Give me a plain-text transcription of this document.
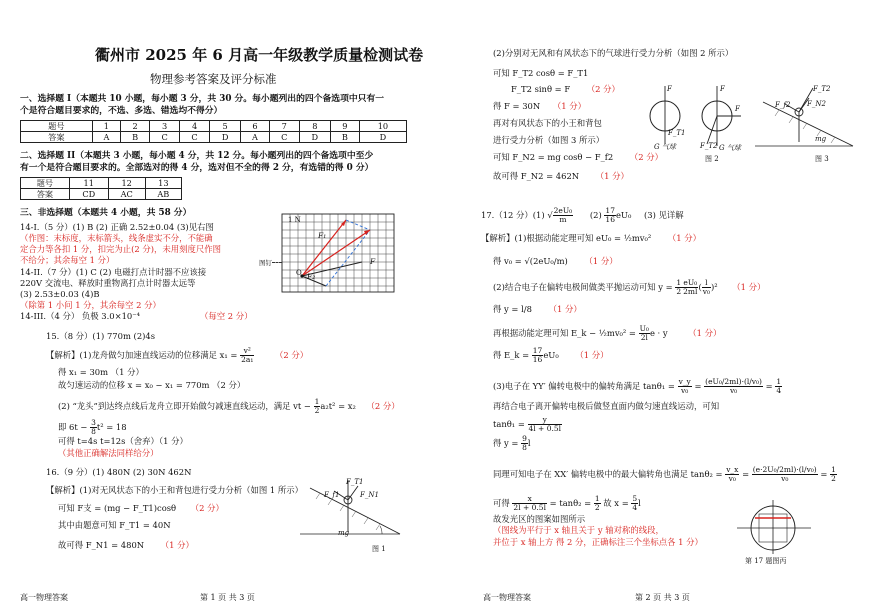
衢州市 2025 年 6 月高一年级教学质量检测试卷
物理参考答案及评分标准
一、选择题 I（本题共 10 小题，每小题 3 分，共 30 分。每小题列出的四个备选项中只有一
个是符合题目要求的，不选、多选、错选均不得分）
题号	1	2	3	4	5	6	7	8	9	10
答案	A	B	C	C	D	A	C	D	B	D
二、选择题 II（本题共 3 小题，每小题 4 分，共 12 分。每小题列出的四个备选项中至少
有一个是符合题目要求的。全部选对的得 4 分，选对但不全的得 2 分，有选错的得 0 分）
题号	11	12	13
答案	CD	AC	AB
三、非选择题（本题共 4 小题，共 58 分）
14-I.（5 分）(1) B (2) 正确 2.52±0.04 (3)见右图
（作图：末标度，末标箭头，线条虚实不分，不能确
定合力等各扣 1 分，扣完为止(2 分)，未用刻度尺作图
不给分；其余每空 1 分）
14-II.（7 分）(1) C (2) 电磁打点计时器不应该接
220V 交流电、释放时重物离打点计时器太远等
(3) 2.53±0.03 (4)B
（除第 1 小问 1 分，其余每空 2 分）
14-III.（4 分） 负极 3.0×10⁻⁴	（每空 2 分）
1 N
F₁
F₂
F
O
图钉
15.（8 分）(1) 770m (2)4s
【解析】(1)龙舟做匀加速直线运动的位移满足 $x_1 = \frac{\text{v²}}{\text{2a₁}} (2$ 分）
得 x₁ = 30m （1 分）
故匀速运动的位移 x = x₀ − x₁ = 770m （2 分）
(2) “龙头”到达终点线后龙舟立即开始做匀减速直线运动，满足 vt − $\frac{1}{2} a_2t^2 = x_2$ （2 分）
即 $6t - \frac{3}{8} t^2 = 18$
可得 t=4s t=12s（舍弃）（1 分）
（其他正确解法同样给分）
16.（9 分）(1) 480N (2) 30N 462N
【解析】(1)对无风状态下的小王和背包进行受力分析（如图 1 所示）
可知 F支 = (mg − F_T1)cosθ （2 分）
其中由题意可知 F_T1 = 40N
故可得 F_N1 = 480N （1 分）
F_T1
F_f1	F_N1
mg
图 1
高一物理答案	第 1 页 共 3 页
(2)分别对无风和有风状态下的气球进行受力分析（如图 2 所示）
可知 F_T2 cosθ = F_T1
F_T2 sinθ = F （2 分）
得 F = 30N （1 分）
再对有风状态下的小王和背包
进行受力分析（如图 3 所示）
可知 F_N2 = mg cosθ − F_f2 （2 分）
故可得 F_N2 = 462N （1 分）
F
F_T1
G 气球
F
F
F_T2 G 气球
图 2
F_T2
F_f2 F_N2
mg
图 3
17.（12 分）(1) √ $\frac{\text{2eU₀}}{m} (2) \frac{17}{16} eU_0$ (3) 见详解
【解析】(1)根据动能定理可知 eU₀ = ½mv₀² （1 分）
得 v₀ = √(2eU₀/m) （1 分）
(2)结合电子在偏转电极间做类平抛运动可知 $y = \frac{1}{2} \frac{\text{eU₀}}{2ml}$ ( $\frac{l}{\text{v₀}} )^2$ （1 分）
得 y = l/8 （1 分）
再根据动能定理可知 E_k − ½mv₀² = $\frac{\text{U₀}}{2l}$ e · y （1 分）
得 E_k = $\frac{17}{16} eU_0$ （1 分）
(3)电子在 YY′ 偏转电极中的偏转角满足 $\tan\theta_1 = \frac{v\_y}{\text{v₀}} = \frac{\text{(eU₀/2ml)·(l/v₀)}}{\text{v₀}} = \frac{1}{4}$
再结合电子离开偏转电极后做竖直面内做匀速直线运动，可知
$\tan\theta_1 = \frac{y}{4l + 0.5l}$
得 $y = \frac{9}{8}$ l
同理可知电子在 XX′ 偏转电极中的最大偏转角也满足 $\tan\theta_2 = \frac{v\_x}{\text{v₀}} = \frac{\text{(e·2U₀/2ml)·(l/v₀)}}{\text{v₀}} = \frac{1}{2}$
可得 $\frac{x}{2l + 0.5l} = \tan\theta_2 = \frac{1}{2}$ 故 $x = \frac{5}{4}$ l
故发光区的图案如图所示
（图线为平行于 x 轴且关于 y 轴对称的线段，
并位于 x 轴上方 得 2 分，正确标注三个坐标点各 1 分）
第 17 题图丙
高一物理答案	第 2 页 共 3 页
